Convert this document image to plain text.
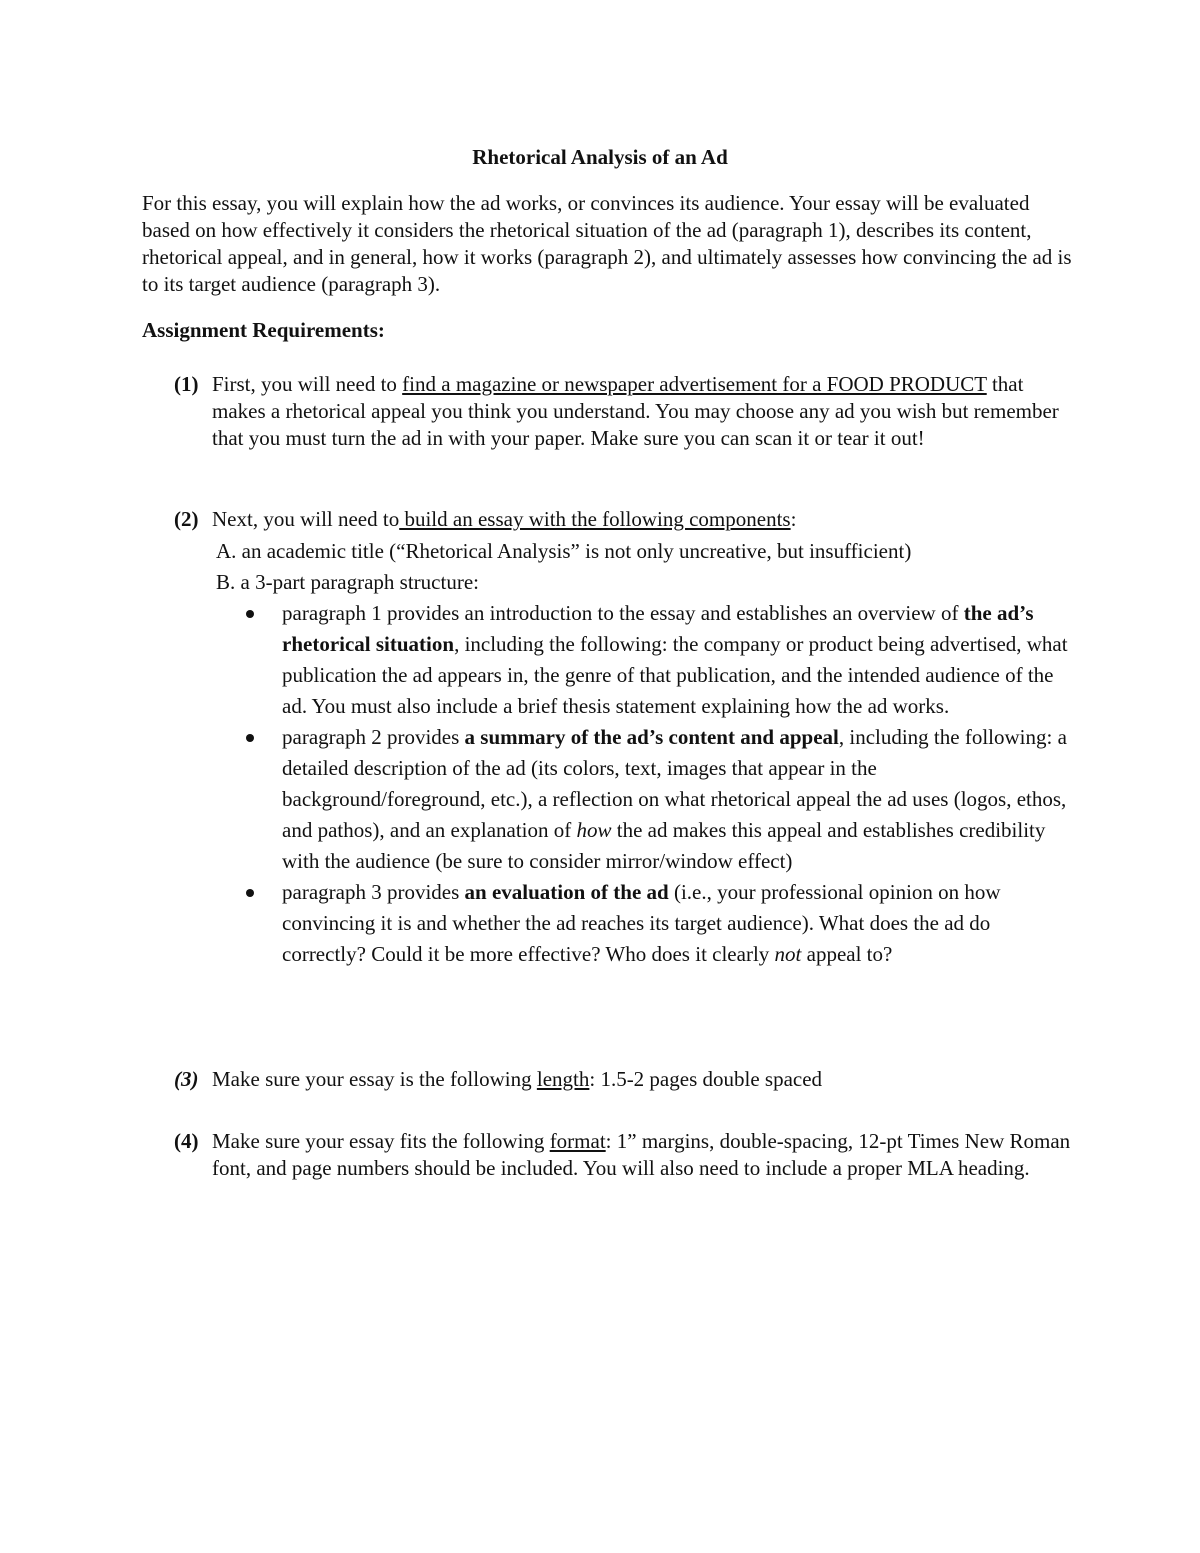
Rhetorical Analysis of an Ad

For this essay, you will explain how the ad works, or convinces its audience. Your essay will be evaluated based on how effectively it considers the rhetorical situation of the ad (paragraph 1), describes its content, rhetorical appeal, and in general, how it works (paragraph 2), and ultimately assesses how convincing the ad is to its target audience (paragraph 3).

Assignment Requirements:
(1) First, you will need to find a magazine or newspaper advertisement for a FOOD PRODUCT that makes a rhetorical appeal you think you understand. You may choose any ad you wish but remember that you must turn the ad in with your paper. Make sure you can scan it or tear it out!
(2) Next, you will need to build an essay with the following components:
A. an academic title (“Rhetorical Analysis” is not only uncreative, but insufficient)
B. a 3-part paragraph structure:
paragraph 1 provides an introduction to the essay and establishes an overview of the ad’s rhetorical situation, including the following: the company or product being advertised, what publication the ad appears in, the genre of that publication, and the intended audience of the ad. You must also include a brief thesis statement explaining how the ad works.
paragraph 2 provides a summary of the ad’s content and appeal, including the following: a detailed description of the ad (its colors, text, images that appear in the background/foreground, etc.), a reflection on what rhetorical appeal the ad uses (logos, ethos, and pathos), and an explanation of how the ad makes this appeal and establishes credibility with the audience (be sure to consider mirror/window effect)
paragraph 3 provides an evaluation of the ad (i.e., your professional opinion on how convincing it is and whether the ad reaches its target audience). What does the ad do correctly? Could it be more effective? Who does it clearly not appeal to?
(3) Make sure your essay is the following length: 1.5-2 pages double spaced
(4) Make sure your essay fits the following format: 1” margins, double-spacing, 12-pt Times New Roman font, and page numbers should be included. You will also need to include a proper MLA heading.
